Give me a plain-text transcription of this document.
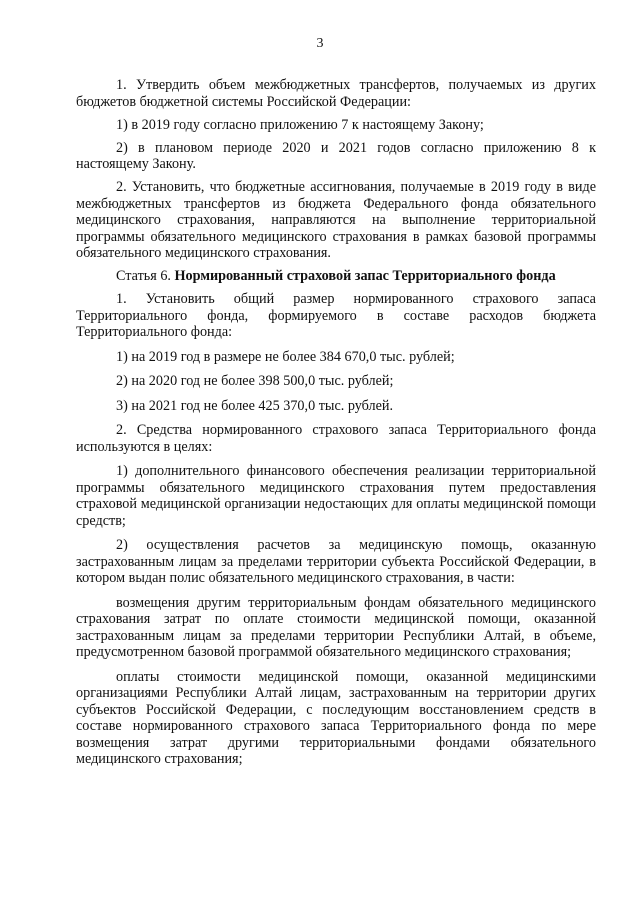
3

1. Утвердить объем межбюджетных трансфертов, получаемых из других бюджетов бюджетной системы Российской Федерации:

1) в 2019 году согласно приложению 7 к настоящему Закону;

2) в плановом периоде 2020 и 2021 годов согласно приложению 8 к настоящему Закону.

2. Установить, что бюджетные ассигнования, получаемые в 2019 году в виде межбюджетных трансфертов из бюджета Федерального фонда обязательного медицинского страхования, направляются на выполнение территориальной программы обязательного медицинского страхования в рамках базовой программы обязательного медицинского страхования.

Статья 6. Нормированный страховой запас Территориального фонда

1. Установить общий размер нормированного страхового запаса Территориального фонда, формируемого в составе расходов бюджета Территориального фонда:

1) на 2019 год в размере не более 384 670,0 тыс. рублей;

2) на 2020 год не более 398 500,0 тыс. рублей;

3) на 2021 год не более 425 370,0 тыс. рублей.

2. Средства нормированного страхового запаса Территориального фонда используются в целях:

1) дополнительного финансового обеспечения реализации территориальной программы обязательного медицинского страхования путем предоставления страховой медицинской организации недостающих для оплаты медицинской помощи средств;

2) осуществления расчетов за медицинскую помощь, оказанную застрахованным лицам за пределами территории субъекта Российской Федерации, в котором выдан полис обязательного медицинского страхования, в части:

возмещения другим территориальным фондам обязательного медицинского страхования затрат по оплате стоимости медицинской помощи, оказанной застрахованным лицам за пределами территории Республики Алтай, в объеме, предусмотренном базовой программой обязательного медицинского страхования;

оплаты стоимости медицинской помощи, оказанной медицинскими организациями Республики Алтай лицам, застрахованным на территории других субъектов Российской Федерации, с последующим восстановлением средств в составе нормированного страхового запаса Территориального фонда по мере возмещения затрат другими территориальными фондами обязательного медицинского страхования;
